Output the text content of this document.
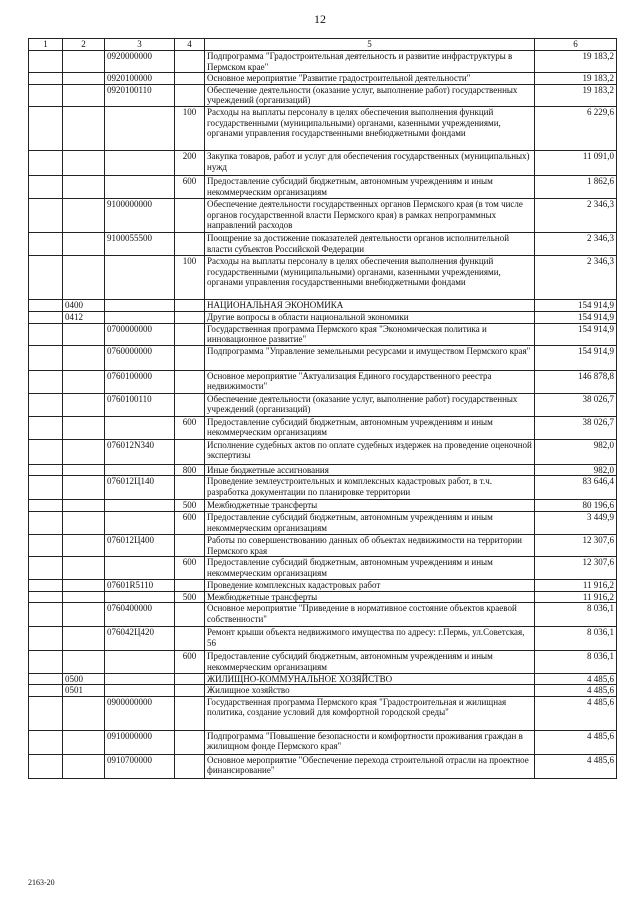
12
1	2	3	4	5	6
		0920000000		Подпрограмма "Градостроительная деятельность и развитие инфраструктуры в Пермском крае"	19 183,2
		0920100000		Основное мероприятие "Развитие градостроительной деятельности"	19 183,2
		0920100110		Обеспечение деятельности (оказание услуг, выполнение работ) государственных учреждений (организаций)	19 183,2
			100	Расходы на выплаты персоналу в целях обеспечения выполнения функций государственными (муниципальными) органами, казенными учреждениями, органами управления государственными внебюджетными фондами	6 229,6
			200	Закупка товаров, работ и услуг для обеспечения государственных (муниципальных) нужд	11 091,0
			600	Предоставление субсидий бюджетным, автономным учреждениям и иным некоммерческим организациям	1 862,6
		9100000000		Обеспечение деятельности государственных органов Пермского края (в том числе органов государственной власти Пермского края) в рамках непрограммных направлений расходов	2 346,3
		9100055500		Поощрение за достижение показателей деятельности органов исполнительной власти субъектов Российской Федерации	2 346,3
			100	Расходы на выплаты персоналу в целях обеспечения выполнения функций государственными (муниципальными) органами, казенными учреждениями, органами управления государственными внебюджетными фондами	2 346,3
	0400			НАЦИОНАЛЬНАЯ ЭКОНОМИКА	154 914,9
	0412			Другие вопросы в области национальной экономики	154 914,9
		0700000000		Государственная программа Пермского края "Экономическая политика и инновационное развитие"	154 914,9
		0760000000		Подпрограмма "Управление земельными ресурсами и имуществом Пермского края"	154 914,9
		0760100000		Основное мероприятие "Актуализация Единого государственного реестра недвижимости"	146 878,8
		0760100110		Обеспечение деятельности (оказание услуг, выполнение работ) государственных учреждений (организаций)	38 026,7
			600	Предоставление субсидий бюджетным, автономным учреждениям и иным некоммерческим организациям	38 026,7
		076012N340		Исполнение судебных актов по оплате судебных издержек на проведение оценочной экспертизы	982,0
			800	Иные бюджетные ассигнования	982,0
		076012Ц140		Проведение землеустроительных и комплексных кадастровых работ, в т.ч. разработка документации по планировке территории	83 646,4
			500	Межбюджетные трансферты	80 196,6
			600	Предоставление субсидий бюджетным, автономным учреждениям и иным некоммерческим организациям	3 449,9
		076012Ц400		Работы по совершенствованию данных об объектах недвижимости на территории Пермского края	12 307,6
			600	Предоставление субсидий бюджетным, автономным учреждениям и иным некоммерческим организациям	12 307,6
		07601R5110		Проведение комплексных кадастровых работ	11 916,2
			500	Межбюджетные трансферты	11 916,2
		0760400000		Основное мероприятие "Приведение в нормативное состояние объектов краевой собственности"	8 036,1
		076042Ц420		Ремонт крыши объекта недвижимого имущества по адресу: г.Пермь, ул.Советская, 56	8 036,1
			600	Предоставление субсидий бюджетным, автономным учреждениям и иным некоммерческим организациям	8 036,1
	0500			ЖИЛИЩНО-КОММУНАЛЬНОЕ ХОЗЯЙСТВО	4 485,6
	0501			Жилищное хозяйство	4 485,6
		0900000000		Государственная программа Пермского края "Градостроительная и жилищная политика, создание условий для комфортной городской среды"	4 485,6
		0910000000		Подпрограмма "Повышение безопасности и комфортности проживания граждан в жилищном фонде Пермского края"	4 485,6
		0910700000		Основное мероприятие "Обеспечение перехода строительной отрасли на проектное финансирование"	4 485,6
2163-20
